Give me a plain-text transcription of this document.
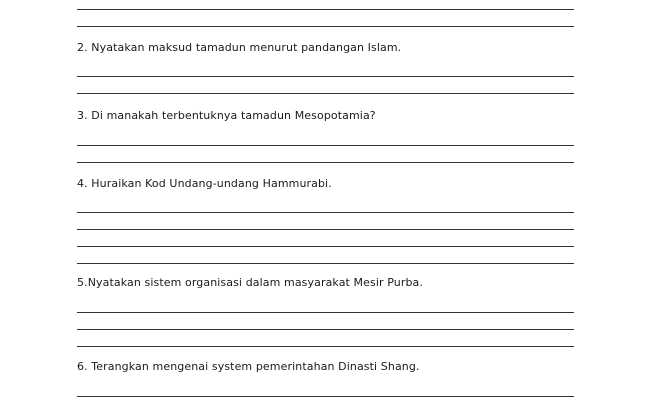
2. Nyatakan maksud tamadun menurut pandangan Islam.
3. Di manakah terbentuknya tamadun Mesopotamia?
4. Huraikan Kod Undang-undang Hammurabi.
5.Nyatakan sistem organisasi dalam masyarakat Mesir Purba.
6. Terangkan mengenai system pemerintahan Dinasti Shang.
